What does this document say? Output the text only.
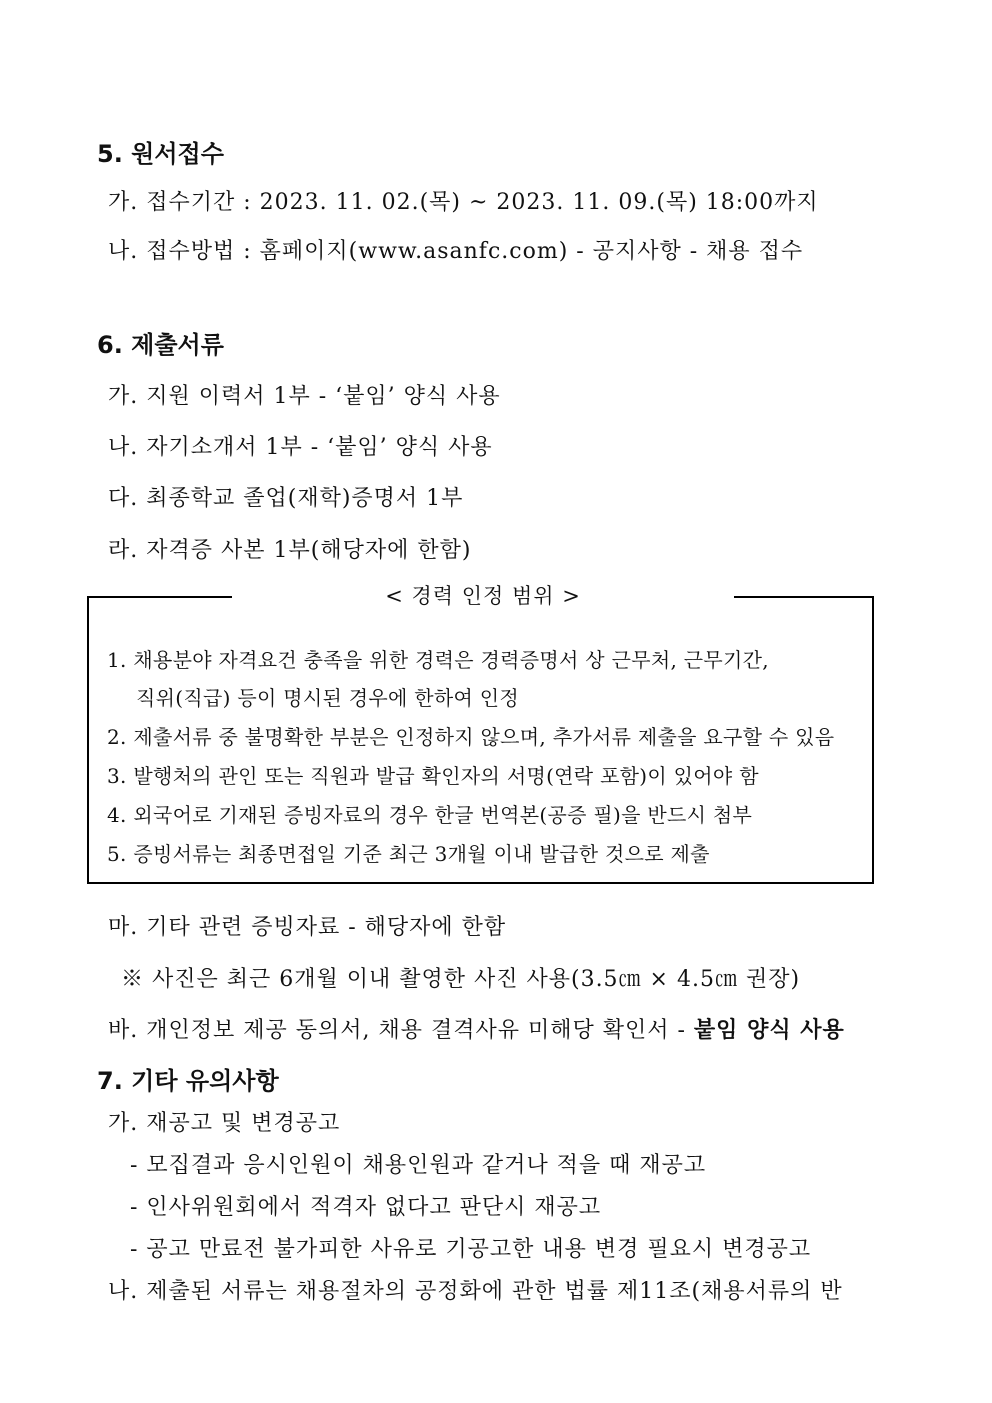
5. 원서접수
가. 접수기간 : 2023. 11. 02.(목) ~ 2023. 11. 09.(목) 18:00까지
나. 접수방법 : 홈페이지(www.asanfc.com) - 공지사항 - 채용 접수
6. 제출서류
가. 지원 이력서 1부 - ‘붙임’ 양식 사용
나. 자기소개서 1부 - ‘붙임’ 양식 사용
다. 최종학교 졸업(재학)증명서 1부
라. 자격증 사본 1부(해당자에 한함)
< 경력 인정 범위 >
1. 채용분야 자격요건 충족을 위한 경력은 경력증명서 상 근무처, 근무기간,
직위(직급) 등이 명시된 경우에 한하여 인정
2. 제출서류 중 불명확한 부분은 인정하지 않으며, 추가서류 제출을 요구할 수 있음
3. 발행처의 관인 또는 직원과 발급 확인자의 서명(연락 포함)이 있어야 함
4. 외국어로 기재된 증빙자료의 경우 한글 번역본(공증 필)을 반드시 첨부
5. 증빙서류는 최종면접일 기준 최근 3개월 이내 발급한 것으로 제출
마. 기타 관련 증빙자료 - 해당자에 한함
※ 사진은 최근 6개월 이내 촬영한 사진 사용(3.5㎝ × 4.5㎝ 권장)
바. 개인정보 제공 동의서, 채용 결격사유 미해당 확인서 - 붙임 양식 사용
7. 기타 유의사항
가. 재공고 및 변경공고
- 모집결과 응시인원이 채용인원과 같거나 적을 때 재공고
- 인사위원회에서 적격자 없다고 판단시 재공고
- 공고 만료전 불가피한 사유로 기공고한 내용 변경 필요시 변경공고
나. 제출된 서류는 채용절차의 공정화에 관한 법률 제11조(채용서류의 반
